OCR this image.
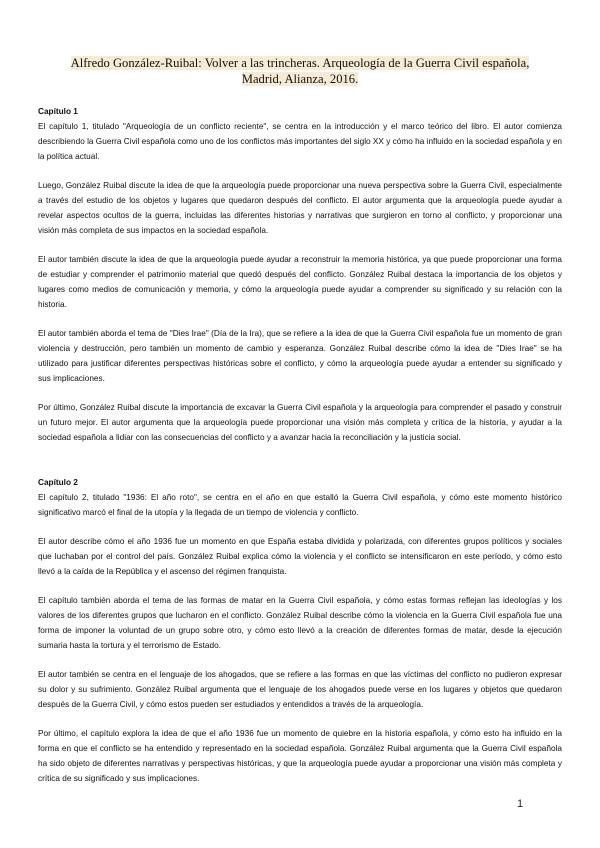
Alfredo González-Ruibal: Volver a las trincheras. Arqueología de la Guerra Civil española,
Madrid, Alianza, 2016.

Capítulo 1

El capítulo 1, titulado "Arqueología de un conflicto reciente", se centra en la introducción y el marco teórico del libro. El autor comienza describiendo la Guerra Civil española como uno de los conflictos más importantes del siglo XX y cómo ha influido en la sociedad española y en la política actual.

Luego, González Ruibal discute la idea de que la arqueología puede proporcionar una nueva perspectiva sobre la Guerra Civil, especialmente a través del estudio de los objetos y lugares que quedaron después del conflicto. El autor argumenta que la arqueología puede ayudar a revelar aspectos ocultos de la guerra, incluidas las diferentes historias y narrativas que surgieron en torno al conflicto, y proporcionar una visión más completa de sus impactos en la sociedad española.

El autor también discute la idea de que la arqueología puede ayudar a reconstruir la memoria histórica, ya que puede proporcionar una forma de estudiar y comprender el patrimonio material que quedó después del conflicto. González Ruibal destaca la importancia de los objetos y lugares como medios de comunicación y memoria, y cómo la arqueología puede ayudar a comprender su significado y su relación con la historia.

El autor también aborda el tema de "Dies Irae" (Día de la Ira), que se refiere a la idea de que la Guerra Civil española fue un momento de gran violencia y destrucción, pero también un momento de cambio y esperanza. González Ruibal describe cómo la idea de "Dies Irae" se ha utilizado para justificar diferentes perspectivas históricas sobre el conflicto, y cómo la arqueología puede ayudar a entender su significado y sus implicaciones.

Por último, González Ruibal discute la importancia de excavar la Guerra Civil española y la arqueología para comprender el pasado y construir un futuro mejor. El autor argumenta que la arqueología puede proporcionar una visión más completa y crítica de la historia, y ayudar a la sociedad española a lidiar con las consecuencias del conflicto y a avanzar hacia la reconciliación y la justicia social.

Capítulo 2

El capítulo 2, titulado "1936: El año roto", se centra en el año en que estalló la Guerra Civil española, y cómo este momento histórico significativo marcó el final de la utopía y la llegada de un tiempo de violencia y conflicto.

El autor describe cómo el año 1936 fue un momento en que España estaba dividida y polarizada, con diferentes grupos políticos y sociales que luchaban por el control del país. González Ruibal explica cómo la violencia y el conflicto se intensificaron en este período, y cómo esto llevó a la caída de la República y el ascenso del régimen franquista.

El capítulo también aborda el tema de las formas de matar en la Guerra Civil española, y cómo estas formas reflejan las ideologías y los valores de los diferentes grupos que lucharon en el conflicto. González Ruibal describe cómo la violencia en la Guerra Civil española fue una forma de imponer la voluntad de un grupo sobre otro, y cómo esto llevó a la creación de diferentes formas de matar, desde la ejecución sumaria hasta la tortura y el terrorismo de Estado.

El autor también se centra en el lenguaje de los ahogados, que se refiere a las formas en que las víctimas del conflicto no pudieron expresar su dolor y su sufrimiento. González Ruibal argumenta que el lenguaje de los ahogados puede verse en los lugares y objetos que quedaron después de la Guerra Civil, y cómo estos pueden ser estudiados y entendidos a través de la arqueología.

Por último, el capítulo explora la idea de que el año 1936 fue un momento de quiebre en la historia española, y cómo esto ha influido en la forma en que el conflicto se ha entendido y representado en la sociedad española. González Ruibal argumenta que la Guerra Civil española ha sido objeto de diferentes narrativas y perspectivas históricas, y que la arqueología puede ayudar a proporcionar una visión más completa y crítica de su significado y sus implicaciones.

1
